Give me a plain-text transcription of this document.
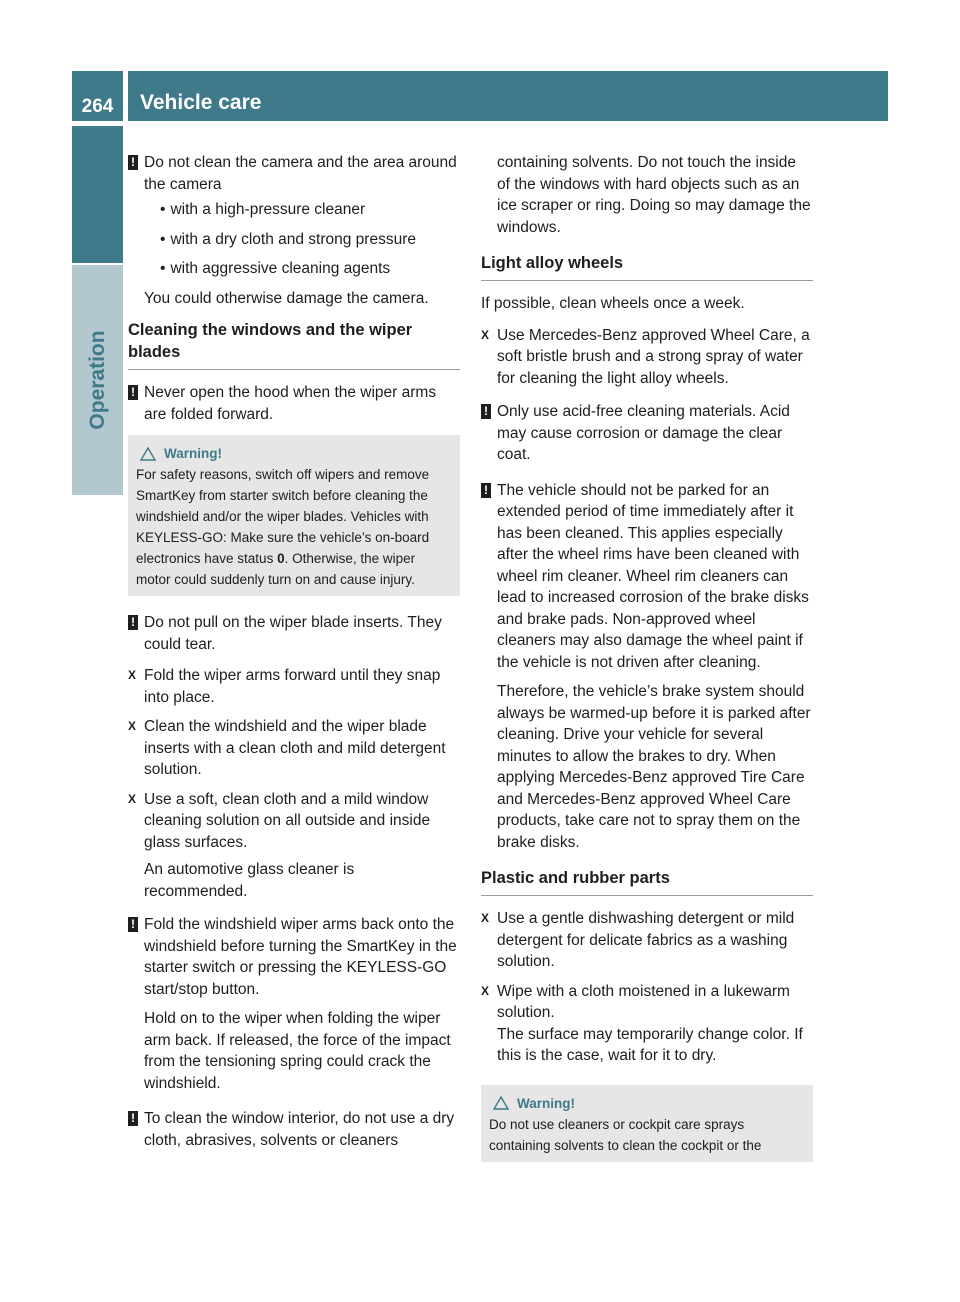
264	Vehicle care
Operation
! Do not clean the camera and the area around the camera

• with a high-pressure cleaner
• with a dry cloth and strong pressure
• with aggressive cleaning agents

You could otherwise damage the camera.

Cleaning the windows and the wiper blades
! Never open the hood when the wiper arms are folded forward.

Warning!

For safety reasons, switch off wipers and remove SmartKey from starter switch before cleaning the windshield and/or the wiper blades. Vehicles with KEYLESS-GO: Make sure the vehicle’s on-board electronics have status 0. Otherwise, the wiper motor could suddenly turn on and cause injury.

! Do not pull on the wiper blade inserts. They could tear.

X Fold the wiper arms forward until they snap into place.

X Clean the windshield and the wiper blade inserts with a clean cloth and mild detergent solution.

X Use a soft, clean cloth and a mild window cleaning solution on all outside and inside glass surfaces.

An automotive glass cleaner is recommended.

! Fold the windshield wiper arms back onto the windshield before turning the SmartKey in the starter switch or pressing the KEYLESS-GO start/stop button.

Hold on to the wiper when folding the wiper arm back. If released, the force of the impact from the tensioning spring could crack the windshield.

! To clean the window interior, do not use a dry cloth, abrasives, solvents or cleaners

containing solvents. Do not touch the inside of the windows with hard objects such as an ice scraper or ring. Doing so may damage the windows.

Light alloy wheels

If possible, clean wheels once a week.

X Use Mercedes-Benz approved Wheel Care, a soft bristle brush and a strong spray of water for cleaning the light alloy wheels.

! Only use acid-free cleaning materials. Acid may cause corrosion or damage the clear coat.

! The vehicle should not be parked for an extended period of time immediately after it has been cleaned. This applies especially after the wheel rims have been cleaned with wheel rim cleaner. Wheel rim cleaners can lead to increased corrosion of the brake disks and brake pads. Non-approved wheel cleaners may also damage the wheel paint if the vehicle is not driven after cleaning.

Therefore, the vehicle’s brake system should always be warmed-up before it is parked after cleaning. Drive your vehicle for several minutes to allow the brakes to dry. When applying Mercedes-Benz approved Tire Care and Mercedes-Benz approved Wheel Care products, take care not to spray them on the brake disks.

Plastic and rubber parts
X Use a gentle dishwashing detergent or mild detergent for delicate fabrics as a washing solution.

X Wipe with a cloth moistened in a lukewarm solution.

The surface may temporarily change color. If this is the case, wait for it to dry.

Warning!

Do not use cleaners or cockpit care sprays containing solvents to clean the cockpit or the
